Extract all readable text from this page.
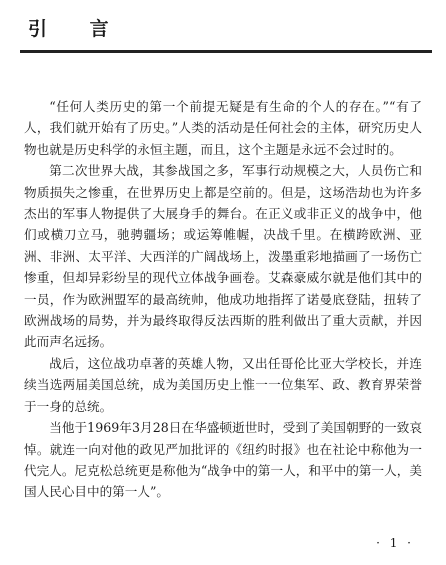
引 言

“任何人类历史的第一个前提无疑是有生命的个人的存在。”“有了人，我们就开始有了历史。”人类的活动是任何社会的主体，研究历史人物也就是历史科学的永恒主题，而且，这个主题是永远不会过时的。

第二次世界大战，其参战国之多，军事行动规模之大，人员伤亡和物质损失之惨重，在世界历史上都是空前的。但是，这场浩劫也为许多杰出的军事人物提供了大展身手的舞台。在正义或非正义的战争中，他们或横刀立马，驰骋疆场；或运筹帷幄，决战千里。在横跨欧洲、亚洲、非洲、太平洋、大西洋的广阔战场上，泼墨重彩地描画了一场伤亡惨重，但却异彩纷呈的现代立体战争画卷。艾森豪威尔就是他们其中的一员，作为欧洲盟军的最高统帅，他成功地指挥了诺曼底登陆，扭转了欧洲战场的局势，并为最终取得反法西斯的胜利做出了重大贡献，并因此而声名远扬。

战后，这位战功卓著的英雄人物，又出任哥伦比亚大学校长，并连续当选两届美国总统，成为美国历史上惟一一位集军、政、教育界荣誉于一身的总统。

当他于1969年3月28日在华盛顿逝世时，受到了美国朝野的一致哀悼。就连一向对他的政见严加批评的《纽约时报》也在社论中称他为一代完人。尼克松总统更是称他为“战争中的第一人，和平中的第一人，美国人民心目中的第一人”。

· 1 ·
